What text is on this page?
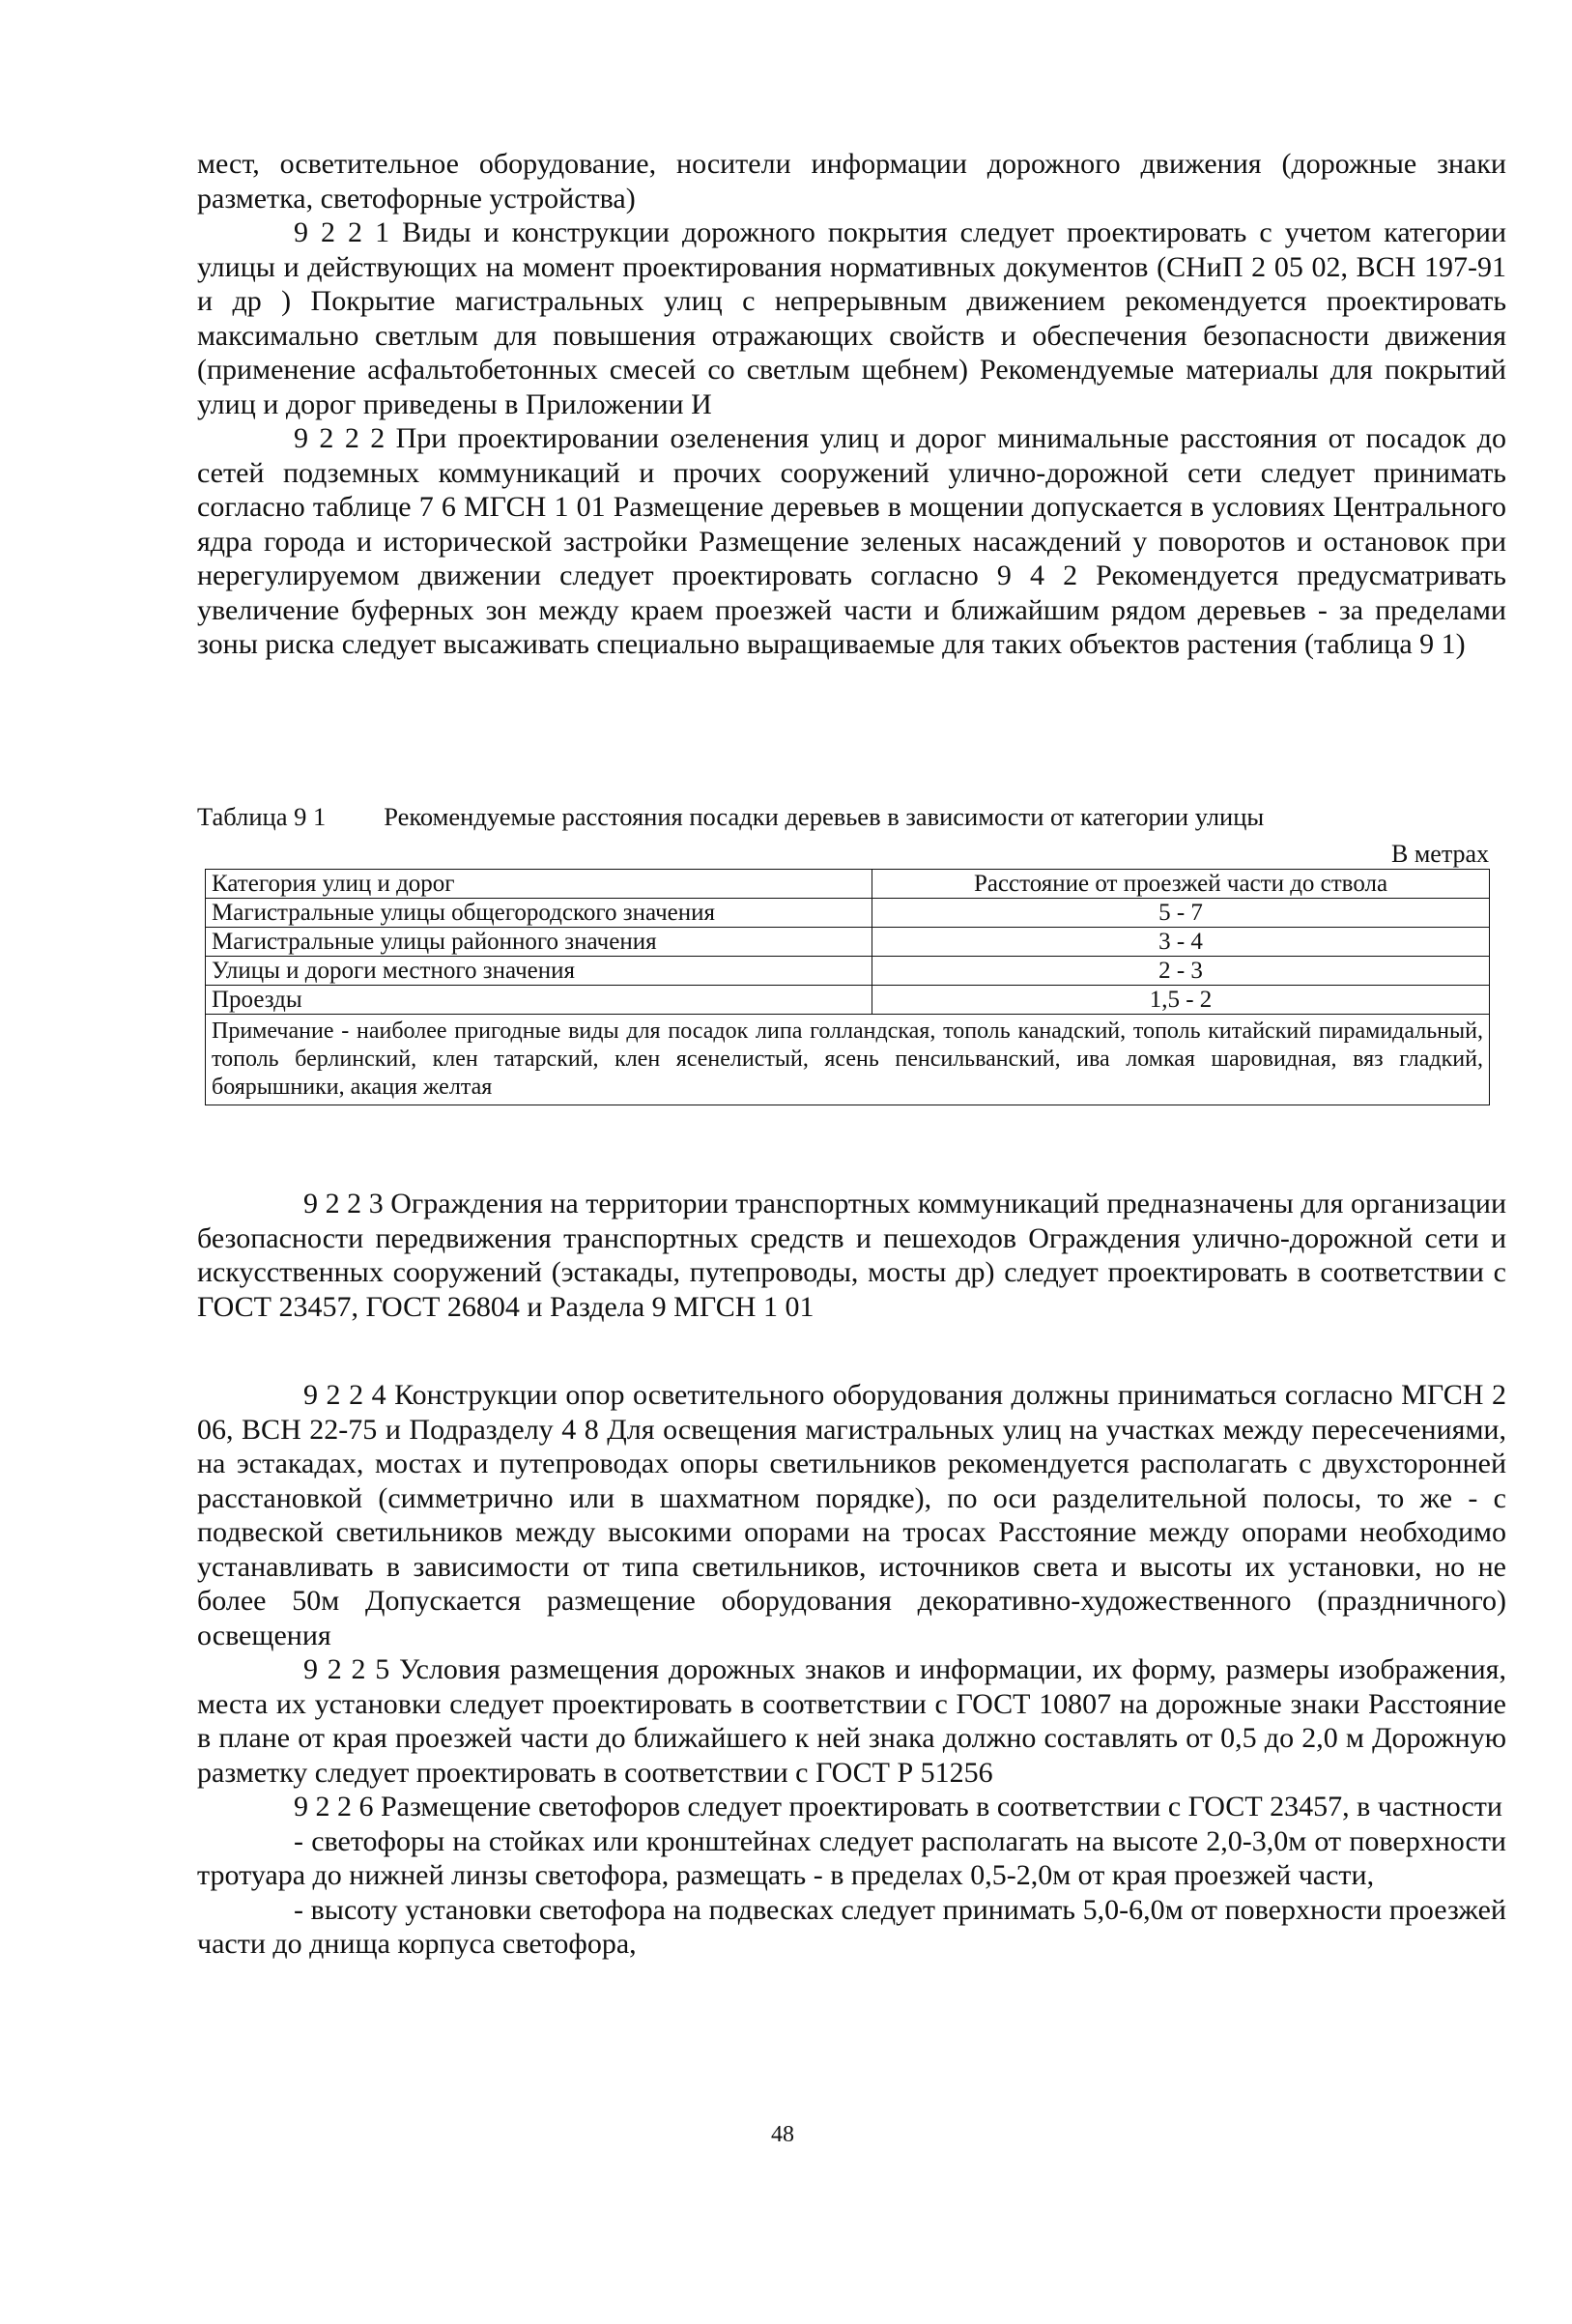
мест, осветительное оборудование, носители информации дорожного движения (дорожные знаки разметка, светофорные устройства)

9 2 2 1 Виды и конструкции дорожного покрытия следует проектировать с учетом категории улицы и действующих на момент проектирования нормативных документов (СНиП 2 05 02, ВСН 197-91 и др ) Покрытие магистральных улиц с непрерывным движением рекомендуется проектировать максимально светлым для повышения отражающих свойств и обеспечения безопасности движения (применение асфальтобетонных смесей со светлым щебнем) Рекомендуемые материалы для покрытий улиц и дорог приведены в Приложении И

9 2 2 2 При проектировании озеленения улиц и дорог минимальные расстояния от посадок до сетей подземных коммуникаций и прочих сооружений улично-дорожной сети следует принимать согласно таблице 7 6 МГСН 1 01 Размещение деревьев в мощении допускается в условиях Центрального ядра города и исторической застройки Размещение зеленых насаждений у поворотов и остановок при нерегулируемом движении следует проектировать согласно 9 4 2 Рекомендуется предусматривать увеличение буферных зон между краем проезжей части и ближайшим рядом деревьев - за пределами зоны риска следует высаживать специально выращиваемые для таких объектов растения (таблица 9 1)

Таблица 9 1 Рекомендуемые расстояния посадки деревьев в зависимости от категории улицы
В метрах
Категория улиц и дорог	Расстояние от проезжей части до ствола
Магистральные улицы общегородского значения	5 - 7
Магистральные улицы районного значения	3 - 4
Улицы и дороги местного значения	2 - 3
Проезды	1,5 - 2
Примечание - наиболее пригодные виды для посадок липа голландская, тополь канадский, тополь китайский пирамидальный, тополь берлинский, клен татарский, клен ясенелистый, ясень пенсильванский, ива ломкая шаровидная, вяз гладкий, боярышники, акация желтая	

9 2 2 3 Ограждения на территории транспортных коммуникаций предназначены для организации безопасности передвижения транспортных средств и пешеходов Ограждения улично-дорожной сети и искусственных сооружений (эстакады, путепроводы, мосты др) следует проектировать в соответствии с ГОСТ 23457, ГОСТ 26804 и Раздела 9 МГСН 1 01

9 2 2 4 Конструкции опор осветительного оборудования должны приниматься согласно МГСН 2 06, ВСН 22-75 и Подразделу 4 8 Для освещения магистральных улиц на участках между пересечениями, на эстакадах, мостах и путепроводах опоры светильников рекомендуется располагать с двухсторонней расстановкой (симметрично или в шахматном порядке), по оси разделительной полосы, то же - с подвеской светильников между высокими опорами на тросах Расстояние между опорами необходимо устанавливать в зависимости от типа светильников, источников света и высоты их установки, но не более 50м Допускается размещение оборудования декоративно-художественного (праздничного) освещения

9 2 2 5 Условия размещения дорожных знаков и информации, их форму, размеры изображения, места их установки следует проектировать в соответствии с ГОСТ 10807 на дорожные знаки Расстояние в плане от края проезжей части до ближайшего к ней знака должно составлять от 0,5 до 2,0 м Дорожную разметку следует проектировать в соответствии с ГОСТ Р 51256

9 2 2 6 Размещение светофоров следует проектировать в соответствии с ГОСТ 23457, в частности

- светофоры на стойках или кронштейнах следует располагать на высоте 2,0-3,0м от поверхности тротуара до нижней линзы светофора, размещать - в пределах 0,5-2,0м от края проезжей части,

- высоту установки светофора на подвесках следует принимать 5,0-6,0м от поверхности проезжей части до днища корпуса светофора,

48
